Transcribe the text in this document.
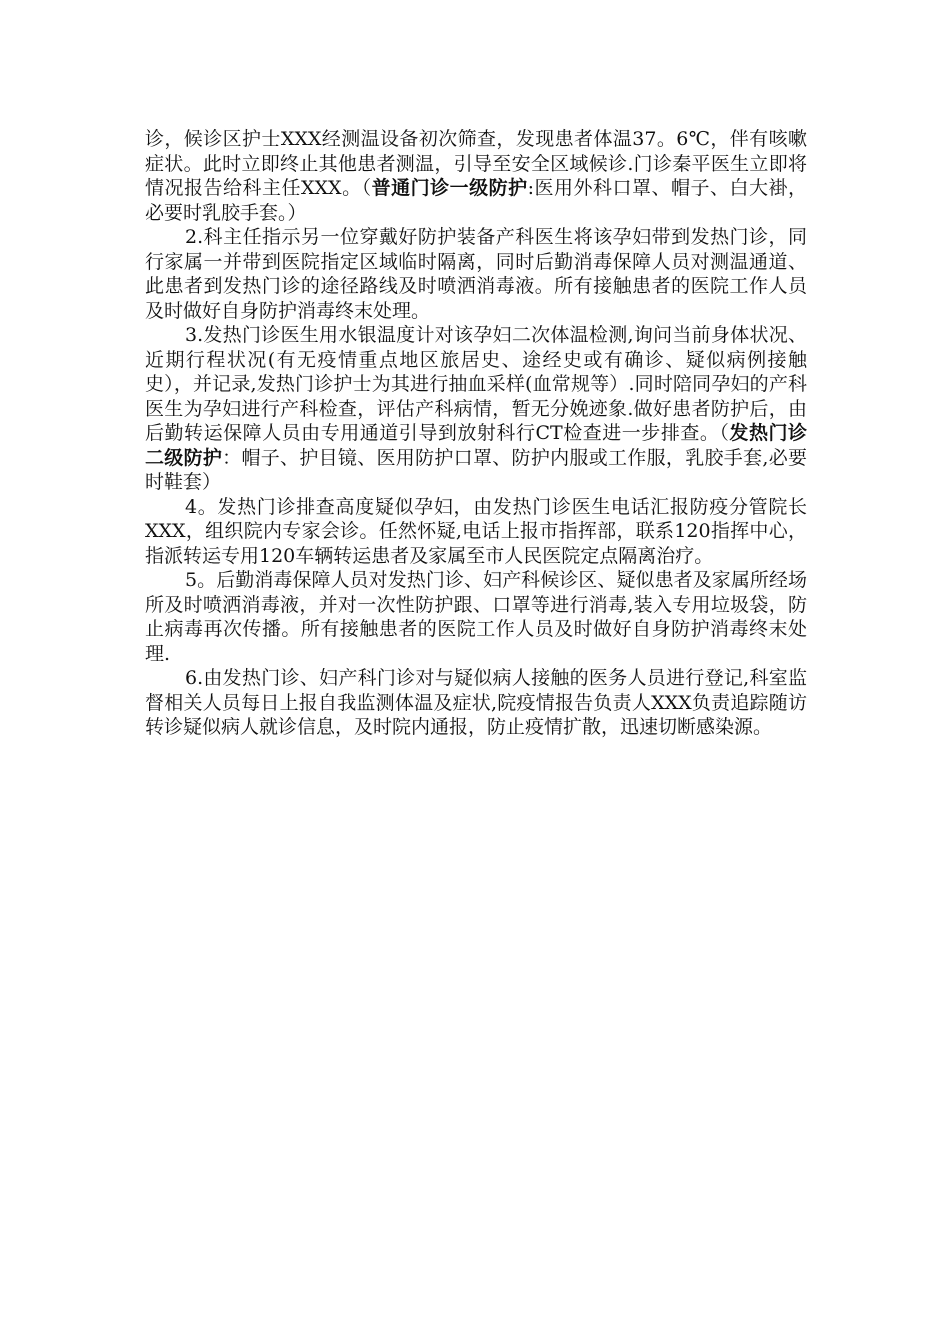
诊，候诊区护士XXX经测温设备初次筛查，发现患者体温37。6℃，伴有咳嗽症状。此时立即终止其他患者测温，引导至安全区域候诊.门诊秦平医生立即将情况报告给科主任XXX。（普通门诊一级防护:医用外科口罩、帽子、白大褂，必要时乳胶手套。）

2.科主任指示另一位穿戴好防护装备产科医生将该孕妇带到发热门诊，同行家属一并带到医院指定区域临时隔离，同时后勤消毒保障人员对测温通道、此患者到发热门诊的途径路线及时喷洒消毒液。所有接触患者的医院工作人员及时做好自身防护消毒终末处理。

3.发热门诊医生用水银温度计对该孕妇二次体温检测,询问当前身体状况、近期行程状况(有无疫情重点地区旅居史、途经史或有确诊、疑似病例接触史），并记录,发热门诊护士为其进行抽血采样(血常规等）.同时陪同孕妇的产科医生为孕妇进行产科检查，评估产科病情，暂无分娩迹象.做好患者防护后，由后勤转运保障人员由专用通道引导到放射科行CT检查进一步排查。（发热门诊二级防护：帽子、护目镜、医用防护口罩、防护内服或工作服，乳胶手套,必要时鞋套）

4。发热门诊排查高度疑似孕妇，由发热门诊医生电话汇报防疫分管院长XXX，组织院内专家会诊。任然怀疑,电话上报市指挥部，联系120指挥中心，指派转运专用120车辆转运患者及家属至市人民医院定点隔离治疗。

5。后勤消毒保障人员对发热门诊、妇产科候诊区、疑似患者及家属所经场所及时喷洒消毒液，并对一次性防护跟、口罩等进行消毒,装入专用垃圾袋，防止病毒再次传播。所有接触患者的医院工作人员及时做好自身防护消毒终末处理.

6.由发热门诊、妇产科门诊对与疑似病人接触的医务人员进行登记,科室监督相关人员每日上报自我监测体温及症状,院疫情报告负责人XXX负责追踪随访转诊疑似病人就诊信息，及时院内通报，防止疫情扩散，迅速切断感染源。
